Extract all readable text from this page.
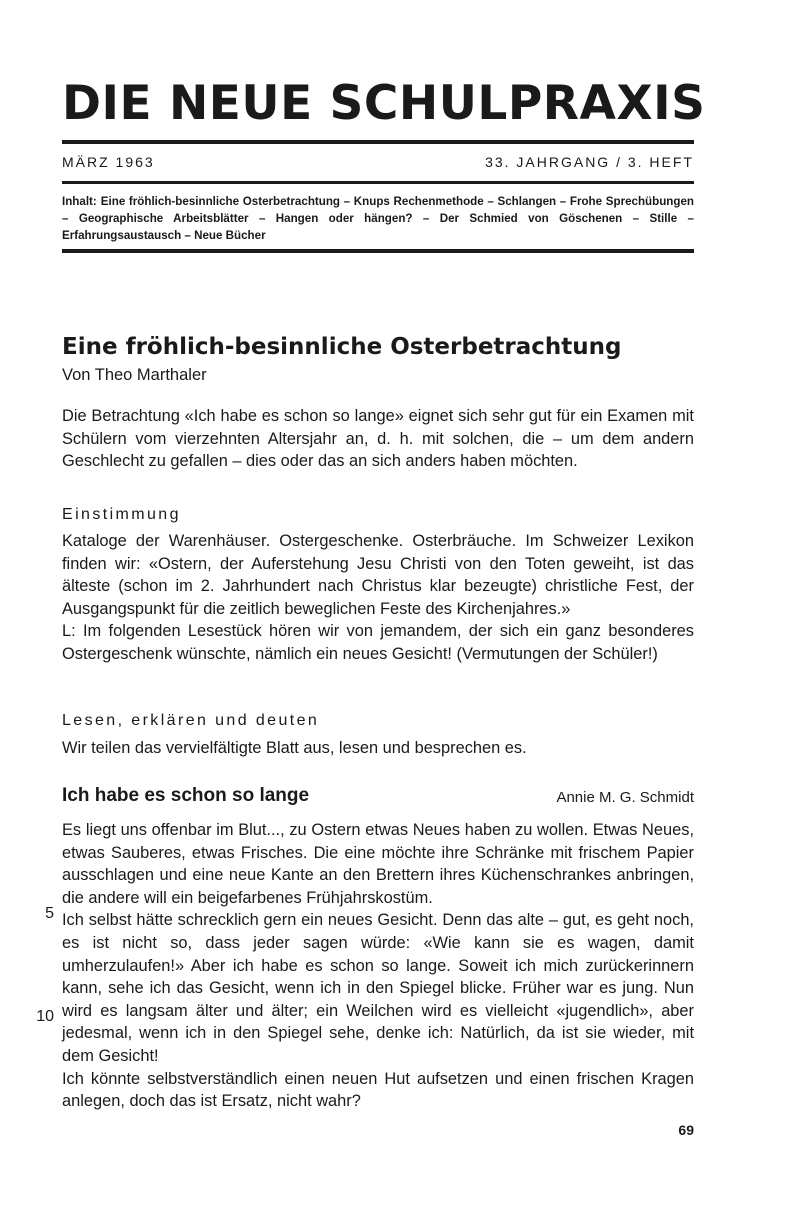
DIE NEUE SCHULPRAXIS
MÄRZ 1963	33. JAHRGANG / 3. HEFT
Inhalt: Eine fröhlich-besinnliche Osterbetrachtung – Knups Rechenmethode – Schlangen – Frohe Sprechübungen – Geographische Arbeitsblätter – Hangen oder hängen? – Der Schmied von Göschenen – Stille – Erfahrungsaustausch – Neue Bücher
Eine fröhlich-besinnliche Osterbetrachtung
Von Theo Marthaler
Die Betrachtung «Ich habe es schon so lange» eignet sich sehr gut für ein Examen mit Schülern vom vierzehnten Altersjahr an, d. h. mit solchen, die – um dem andern Geschlecht zu gefallen – dies oder das an sich anders haben möchten.
Einstimmung
Kataloge der Warenhäuser. Ostergeschenke. Osterbräuche. Im Schweizer Lexikon finden wir: «Ostern, der Auferstehung Jesu Christi von den Toten geweiht, ist das älteste (schon im 2. Jahrhundert nach Christus klar bezeugte) christliche Fest, der Ausgangspunkt für die zeitlich beweglichen Feste des Kirchenjahres.»
L: Im folgenden Lesestück hören wir von jemandem, der sich ein ganz besonderes Ostergeschenk wünschte, nämlich ein neues Gesicht! (Vermutungen der Schüler!)
Lesen, erklären und deuten
Wir teilen das vervielfältigte Blatt aus, lesen und besprechen es.
Ich habe es schon so lange	Annie M. G. Schmidt
Es liegt uns offenbar im Blut..., zu Ostern etwas Neues haben zu wollen. Etwas Neues, etwas Sauberes, etwas Frisches. Die eine möchte ihre Schränke mit frischem Papier ausschlagen und eine neue Kante an den Brettern ihres Küchenschrankes anbringen, die andere will ein beigefarbenes Frühjahrskostüm.
Ich selbst hätte schrecklich gern ein neues Gesicht. Denn das alte – gut, es geht noch, es ist nicht so, dass jeder sagen würde: «Wie kann sie es wagen, damit umherzulaufen!» Aber ich habe es schon so lange. Soweit ich mich zurückerinnern kann, sehe ich das Gesicht, wenn ich in den Spiegel blicke. Früher war es jung. Nun wird es langsam älter und älter; ein Weilchen wird es vielleicht «jugendlich», aber jedesmal, wenn ich in den Spiegel sehe, denke ich: Natürlich, da ist sie wieder, mit dem Gesicht!
Ich könnte selbstverständlich einen neuen Hut aufsetzen und einen frischen Kragen anlegen, doch das ist Ersatz, nicht wahr?
69
5
10
